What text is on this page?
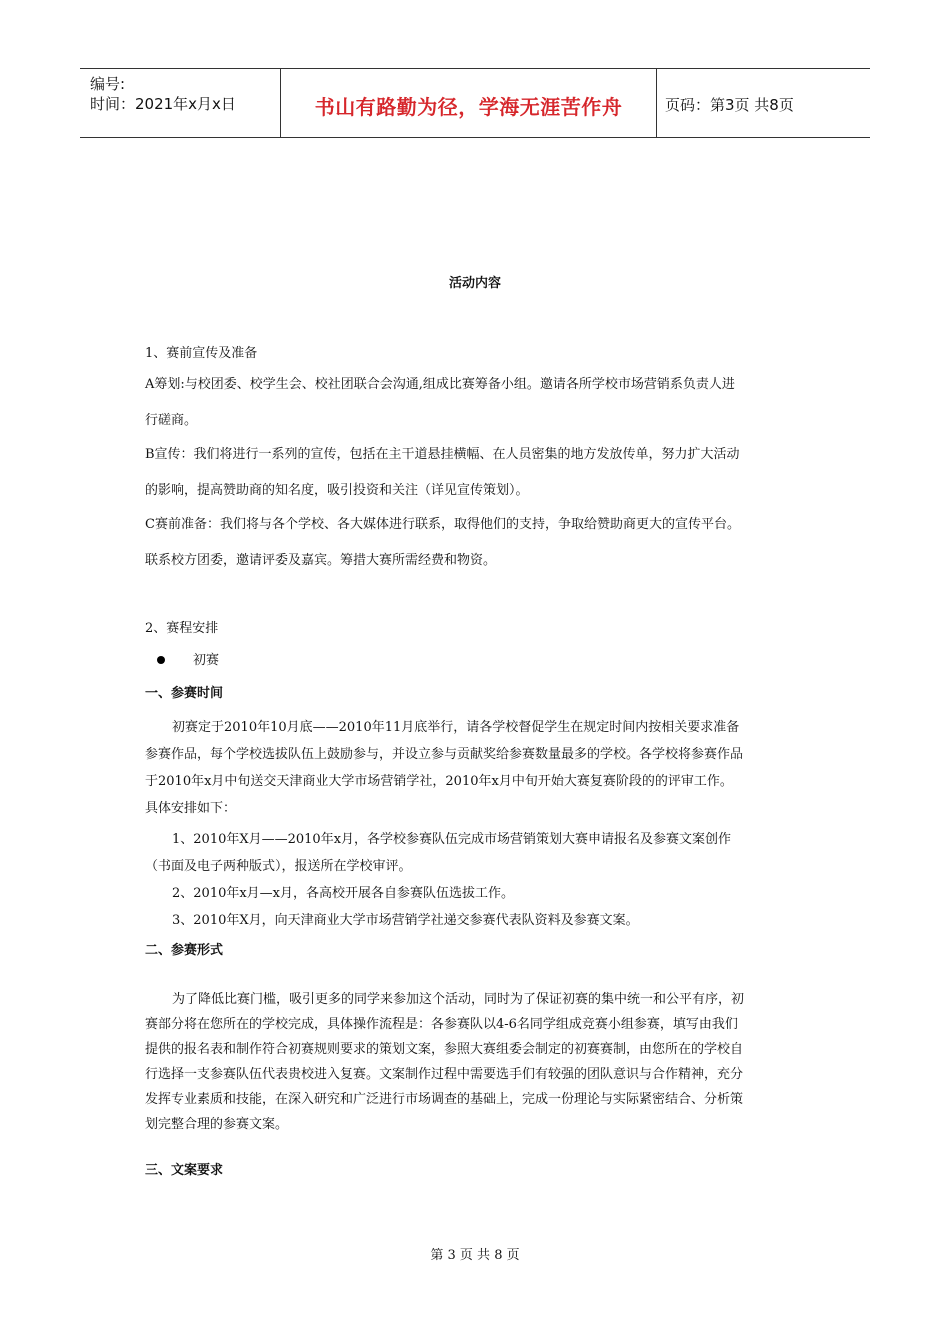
编号:
时间：2021年x月x日	书山有路勤为径，学海无涯苦作舟	页码：第3页 共8页
活动内容
1、赛前宣传及准备
A筹划:与校团委、校学生会、校社团联合会沟通,组成比赛筹备小组。邀请各所学校市场营销系负责人进
行磋商。
B宣传：我们将进行一系列的宣传，包括在主干道悬挂横幅、在人员密集的地方发放传单，努力扩大活动
的影响，提高赞助商的知名度，吸引投资和关注（详见宣传策划）。
C赛前准备：我们将与各个学校、各大媒体进行联系，取得他们的支持，争取给赞助商更大的宣传平台。
联系校方团委，邀请评委及嘉宾。筹措大赛所需经费和物资。
2、赛程安排
初赛
一、参赛时间
初赛定于2010年10月底——2010年11月底举行，请各学校督促学生在规定时间内按相关要求准备
参赛作品，每个学校选拔队伍上鼓励参与，并设立参与贡献奖给参赛数量最多的学校。各学校将参赛作品
于2010年x月中旬送交天津商业大学市场营销学社，2010年x月中旬开始大赛复赛阶段的的评审工作。
具体安排如下：
1、2010年X月——2010年x月，各学校参赛队伍完成市场营销策划大赛申请报名及参赛文案创作
（书面及电子两种版式），报送所在学校审评。
2、2010年x月—x月，各高校开展各自参赛队伍选拔工作。
3、2010年X月，向天津商业大学市场营销学社递交参赛代表队资料及参赛文案。
二、参赛形式
为了降低比赛门槛，吸引更多的同学来参加这个活动，同时为了保证初赛的集中统一和公平有序，初
赛部分将在您所在的学校完成，具体操作流程是：各参赛队以4-6名同学组成竞赛小组参赛，填写由我们
提供的报名表和制作符合初赛规则要求的策划文案，参照大赛组委会制定的初赛赛制，由您所在的学校自
行选择一支参赛队伍代表贵校进入复赛。文案制作过程中需要选手们有较强的团队意识与合作精神，充分
发挥专业素质和技能，在深入研究和广泛进行市场调查的基础上，完成一份理论与实际紧密结合、分析策
划完整合理的参赛文案。
三、文案要求
第 3 页 共 8 页
